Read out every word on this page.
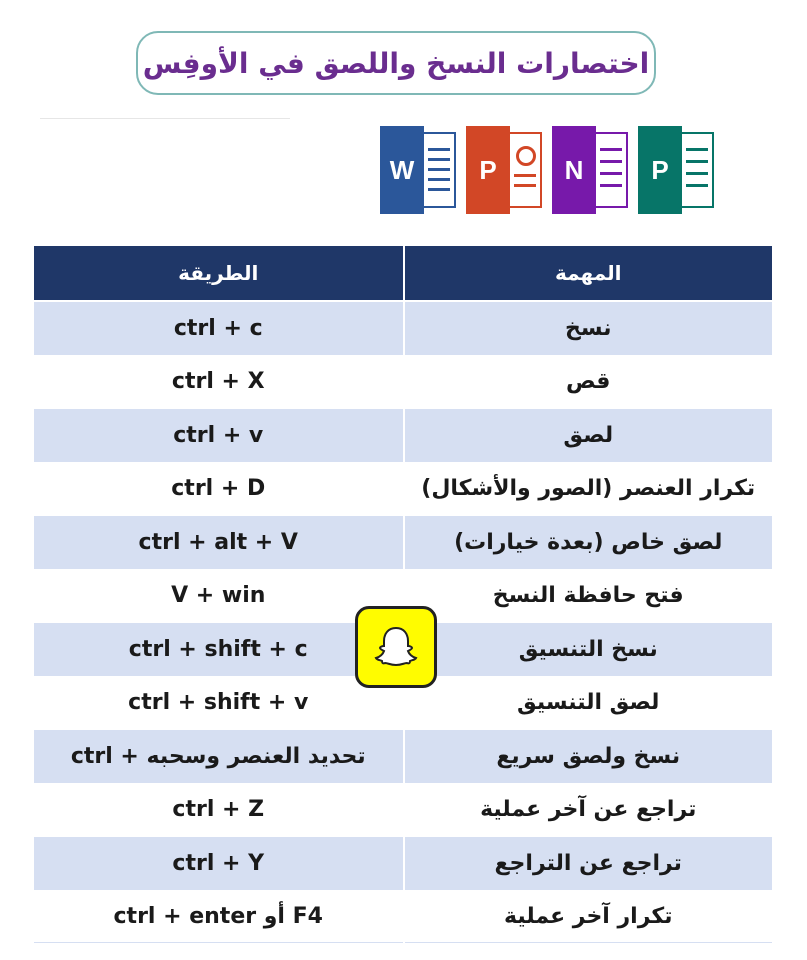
اختصارات النسخ واللصق في الأوفِس
W	P	N	P
الطريقة	المهمة
ctrl + c	نسخ
ctrl + X	قص
ctrl + v	لصق
ctrl + D	تكرار العنصر (الصور والأشكال)
ctrl + alt + V	لصق خاص (بعدة خيارات)
V + win	فتح حافظة النسخ
ctrl + shift + c	نسخ التنسيق
ctrl + shift + v	لصق التنسيق
ctrl + تحديد العنصر وسحبه	نسخ ولصق سريع
ctrl + Z	تراجع عن آخر عملية
ctrl + Y	تراجع عن التراجع
ctrl + enter أو F4	تكرار آخر عملية
